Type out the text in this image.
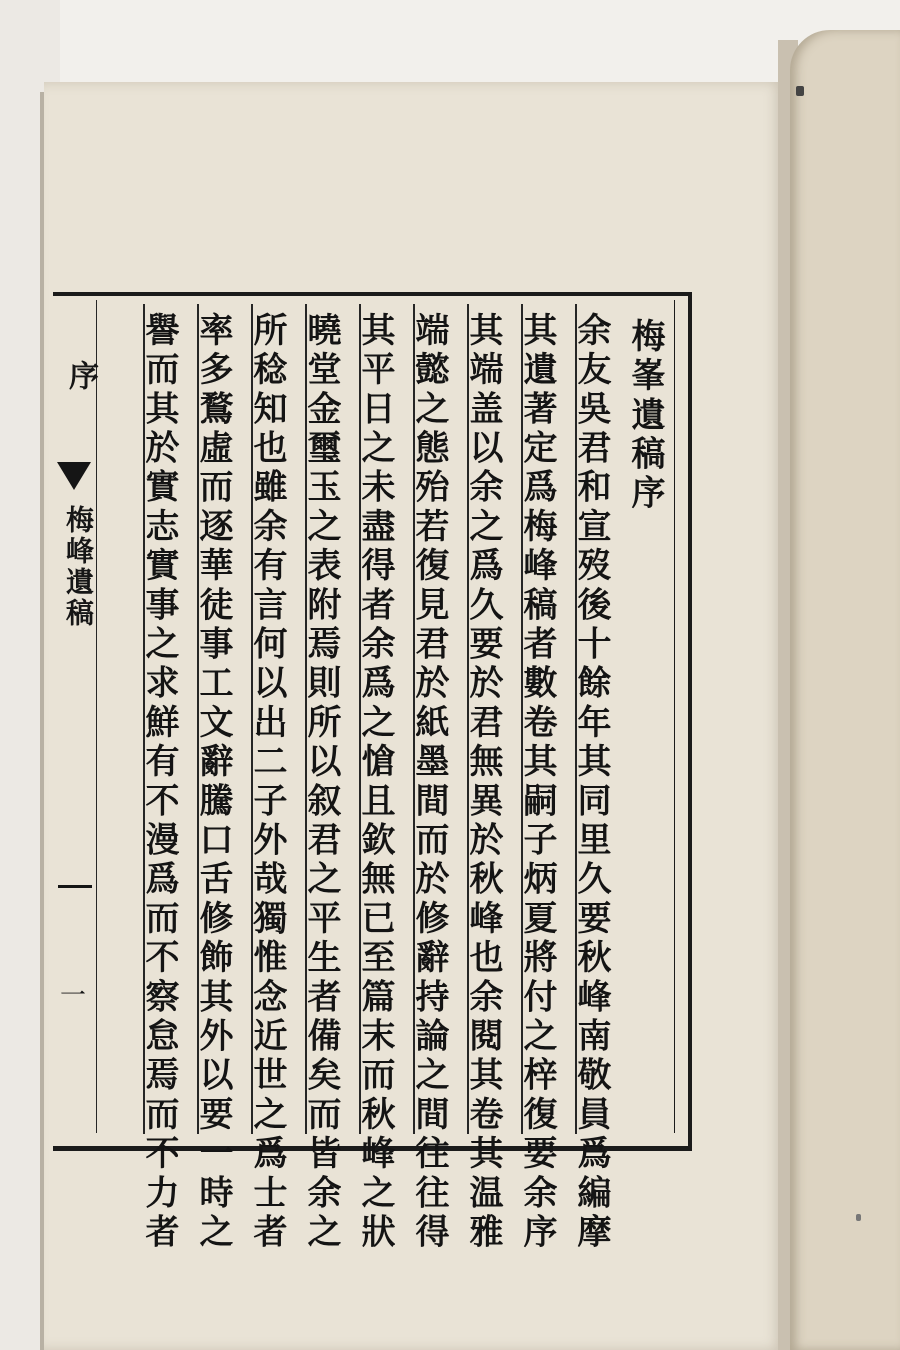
序
梅峰遺稿
一
梅峯遺稿序
余友吳君和宣歿後十餘年其同里久要秋峰南敬員爲編摩
其遺著定爲梅峰稿者數卷其嗣子炳夏將付之梓復要余序
其端盖以余之爲久要於君無異於秋峰也余閱其卷其温雅
端懿之態殆若復見君於紙墨間而於修辭持論之間往往得
其平日之未盡得者余爲之愴且欽無已至篇末而秋峰之狀
曉堂金璽玉之表附焉則所以叙君之平生者備矣而皆余之
所稔知也雖余有言何以出二子外哉獨惟念近世之爲士者
率多鶩虛而逐華徒事工文辭騰口舌修飾其外以要一時之
譽而其於實志實事之求鮮有不漫爲而不察怠焉而不力者
